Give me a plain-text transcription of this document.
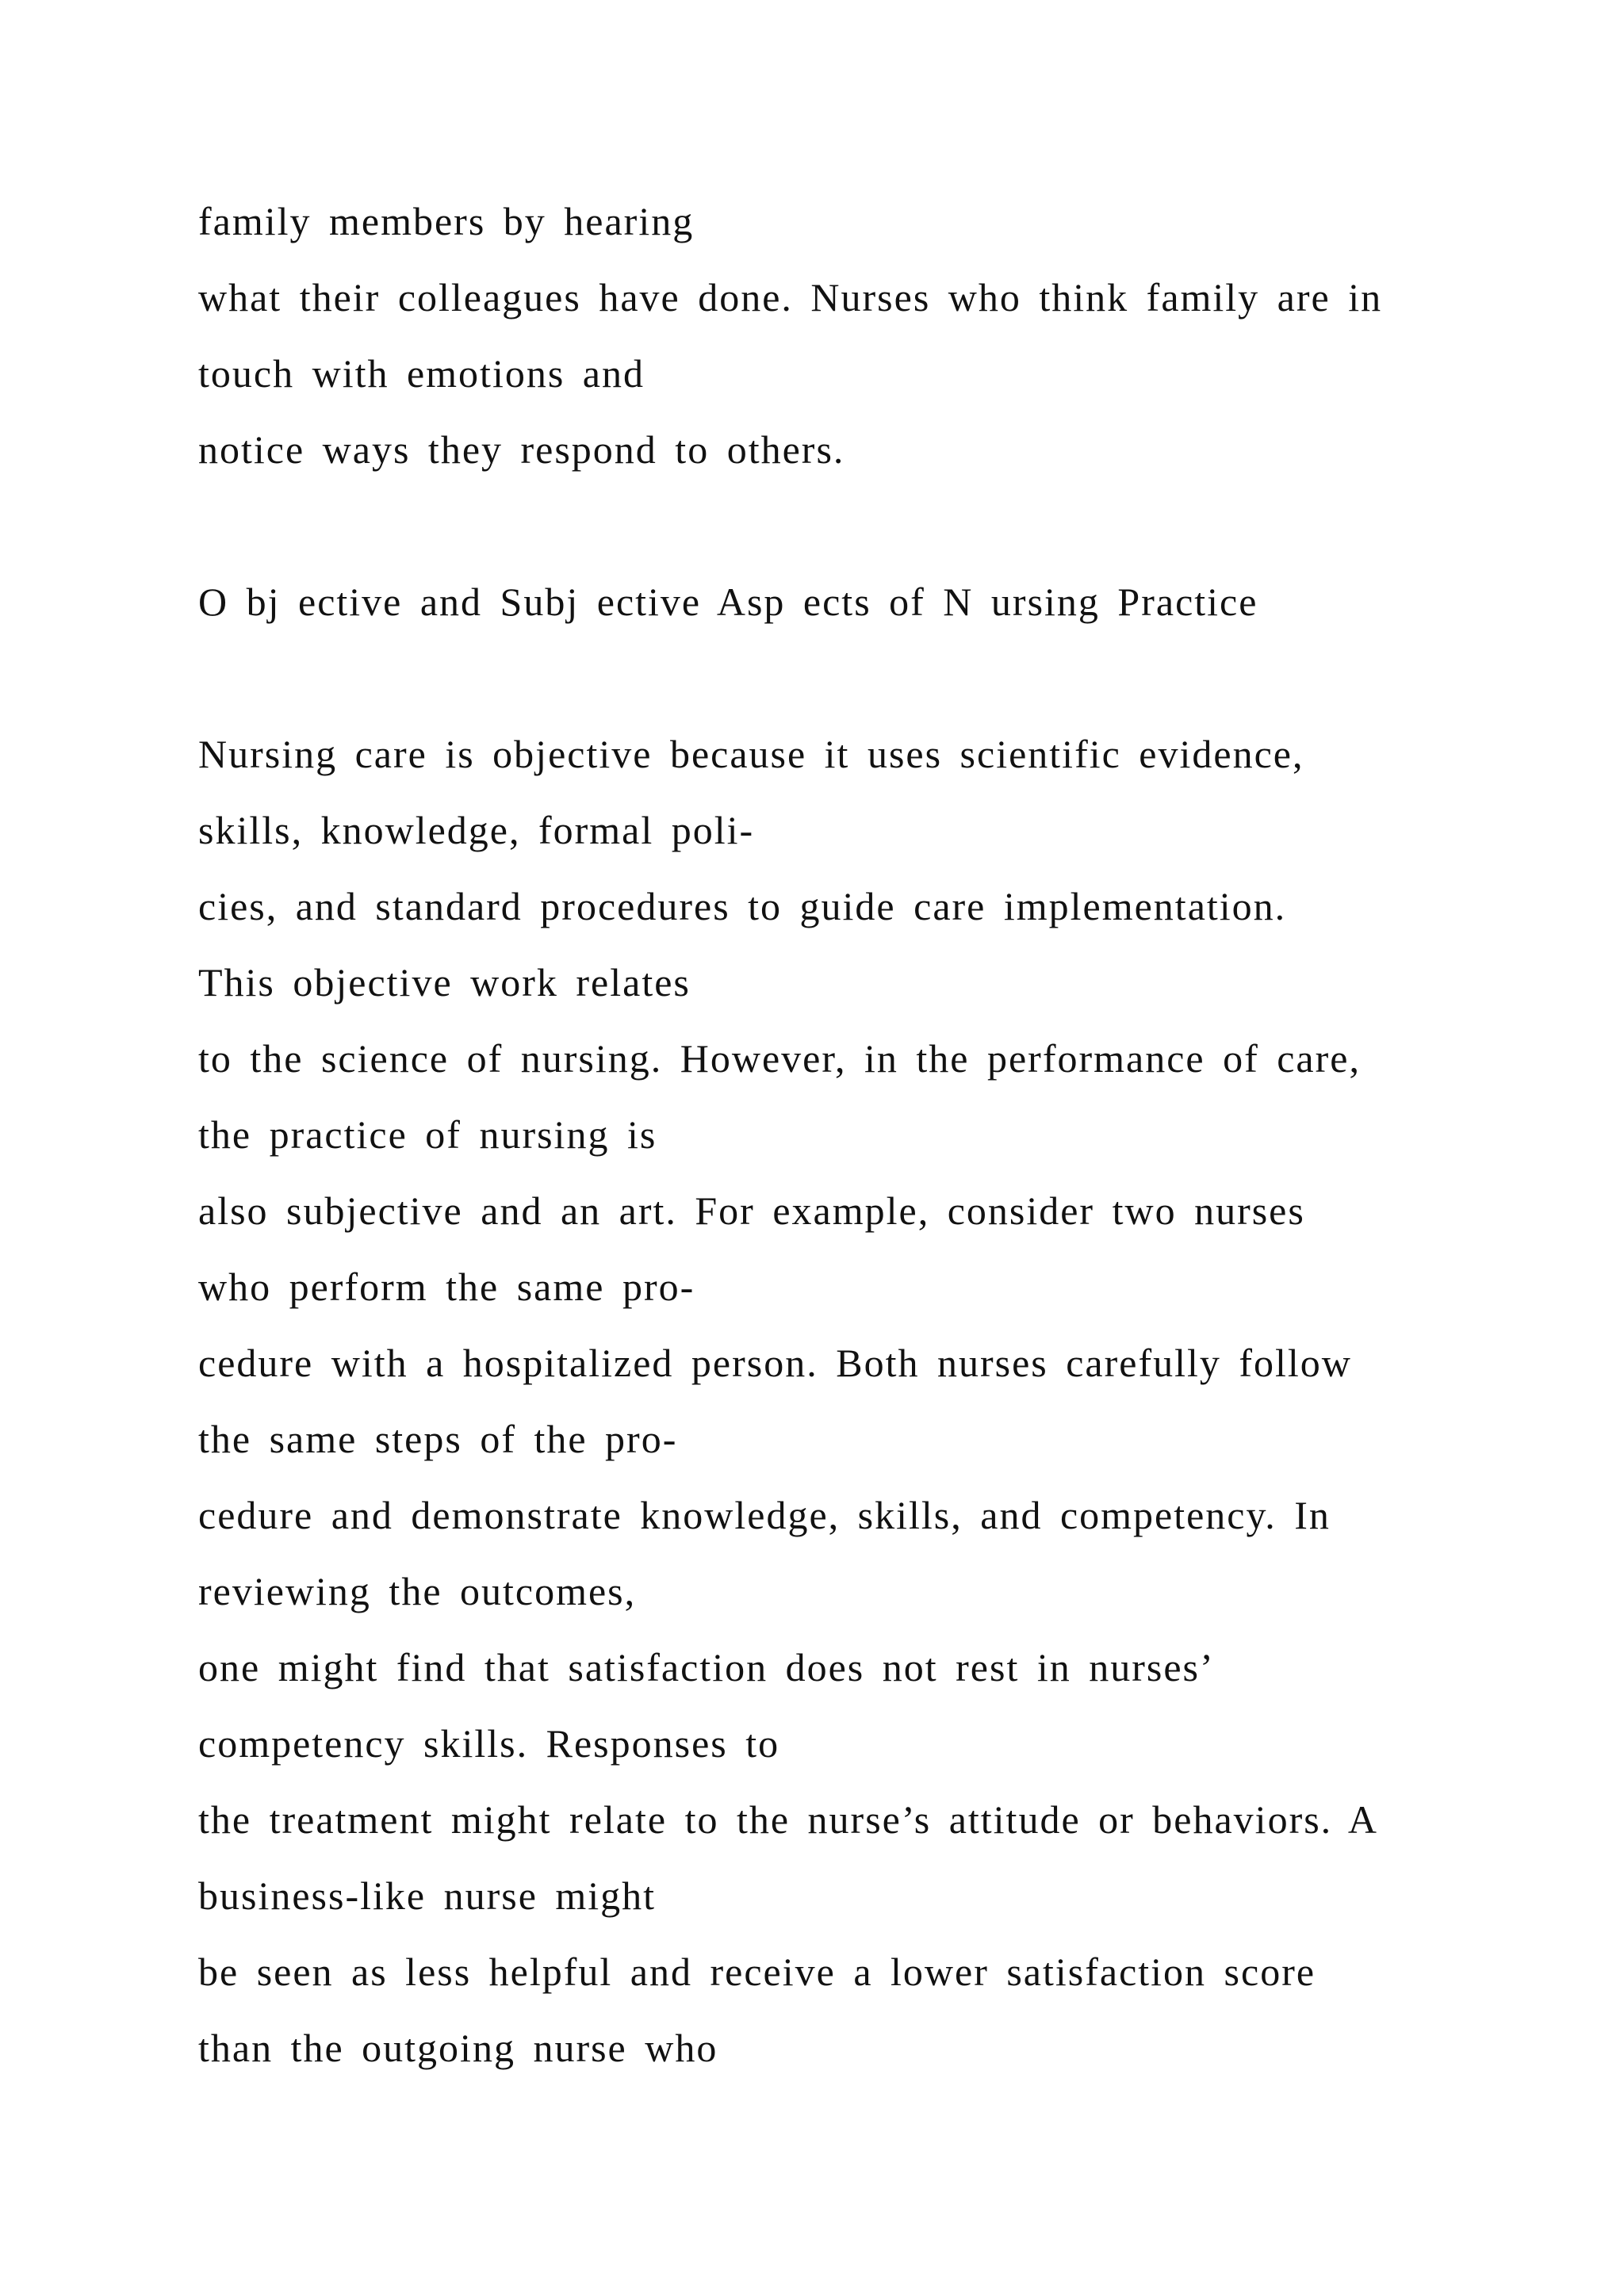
family members by hearing
what their colleagues have done. Nurses who think family are in
touch with emotions and
notice ways they respond to others.
O bj ective and Subj ective Asp ects of N ursing Practice
Nursing care is objective because it uses scientific evidence,
skills, knowledge, formal poli-
cies, and standard procedures to guide care implementation.
This objective work relates
to the science of nursing. However, in the performance of care,
the practice of nursing is
also subjective and an art. For example, consider two nurses
who perform the same pro-
cedure with a hospitalized person. Both nurses carefully follow
the same steps of the pro-
cedure and demonstrate knowledge, skills, and competency. In
reviewing the outcomes,
one might find that satisfaction does not rest in nurses’
competency skills. Responses to
the treatment might relate to the nurse’s attitude or behaviors. A
business-like nurse might
be seen as less helpful and receive a lower satisfaction score
than the outgoing nurse who
